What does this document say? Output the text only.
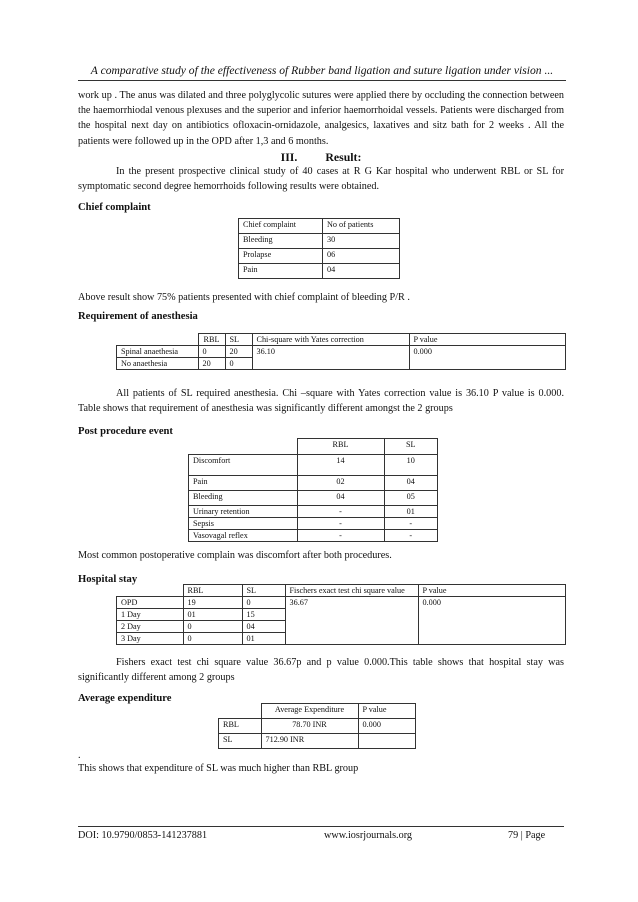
A comparative study of the effectiveness of Rubber band ligation and suture ligation under vision ...
work up . The anus was dilated and three polyglycolic sutures were applied there by occluding the connection between the haemorrhiodal venous plexuses and the superior and inferior haemorrhoidal vessels. Patients were discharged from the hospital next day on antibiotics ofloxacin-ornidazole, analgesics, laxatives and sitz bath for 2 weeks . All the patients were followed up in the OPD after 1,3 and 6 months.
III. Result:
In the present prospective clinical study of 40 cases at R G Kar hospital who underwent RBL or SL for symptomatic second degree hemorrhoids following results were obtained.
Chief complaint
Chief complaint	No of patients
Bleeding	30
Prolapse	06
Pain	04
Above result show 75% patients presented with chief complaint of bleeding P/R .
Requirement of anesthesia
	RBL	SL	Chi-square with Yates correction	P value
Spinal anaethesia	0	20	36.10	0.000
No anaethesia	20	0		
All patients of SL required anesthesia. Chi –square with Yates correction value is 36.10 P value is 0.000. Table shows that requirement of anesthesia was significantly different amongst the 2 groups
Post procedure event
	RBL	SL
Discomfort	14	10
Pain	02	04
Bleeding	04	05
Urinary retention	-	01
Sepsis	-	-
Vasovagal reflex	-	-
Most common postoperative complain was discomfort after both procedures.
Hospital stay
	RBL	SL	Fischers exact test chi square value	P value
OPD	19	0	36.67	0.000
1 Day	01	15		
2 Day	0	04		
3 Day	0	01		
Fishers exact test chi square value 36.67p and p value 0.000.This table shows that hospital stay was significantly different among 2 groups
Average expenditure
	Average Expenditure	P value
RBL	78.70 INR	0.000
SL	712.90 INR	
.
This shows that expenditure of SL was much higher than RBL group
DOI: 10.9790/0853-141237881	www.iosrjournals.org	79 | Page
